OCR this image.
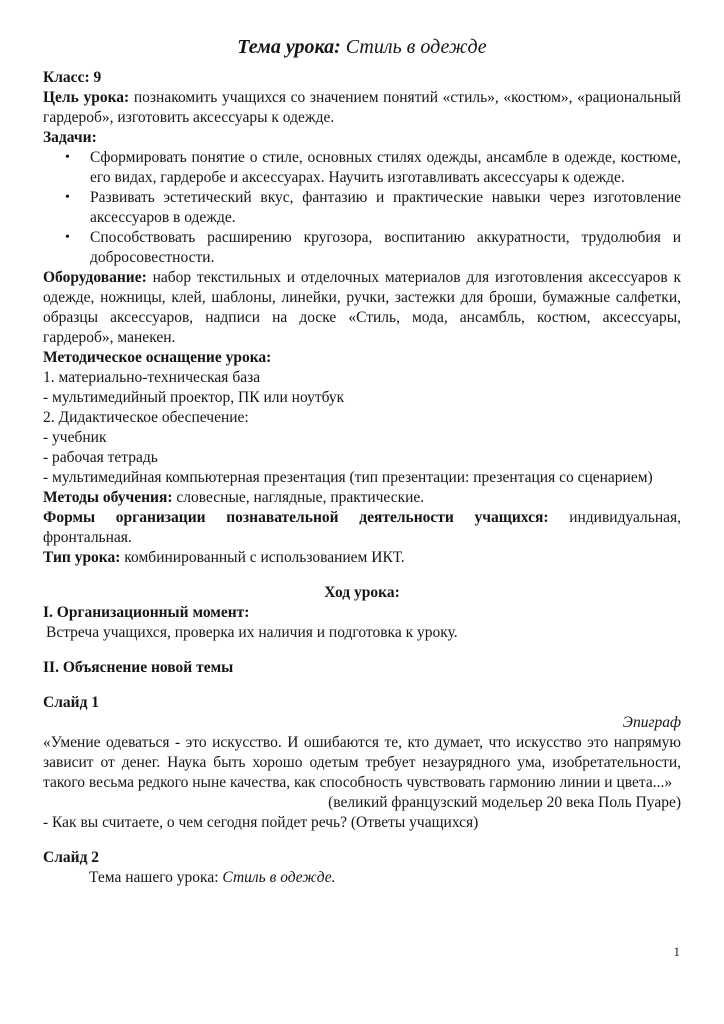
Тема урока: Стиль в одежде

Класс: 9

Цель урока: познакомить учащихся со значением понятий «стиль», «костюм», «рациональный гардероб», изготовить аксессуары к одежде.

Задачи:

• Сформировать понятие о стиле, основных стилях одежды, ансамбле в одежде, костюме, его видах, гардеробе и аксессуарах. Научить изготавливать аксессуары к одежде.
• Развивать эстетический вкус, фантазию и практические навыки через изготовление аксессуаров в одежде.
• Способствовать расширению кругозора, воспитанию аккуратности, трудолюбия и добросовестности.

Оборудование: набор текстильных и отделочных материалов для изготовления аксессуаров к одежде, ножницы, клей, шаблоны, линейки, ручки, застежки для броши, бумажные салфетки, образцы аксессуаров, надписи на доске «Стиль, мода, ансамбль, костюм, аксессуары, гардероб», манекен.

Методическое оснащение урока:

1. материально-техническая база

- мультимедийный проектор, ПК или ноутбук

2. Дидактическое обеспечение:

- учебник

- рабочая тетрадь

- мультимедийная компьютерная презентация (тип презентации: презентация со сценарием)

Методы обучения: словесные, наглядные, практические.

Формы организации познавательной деятельности учащихся: индивидуальная, фронтальная.

Тип урока: комбинированный с использованием ИКТ.

Ход урока:

I. Организационный момент:

Встреча учащихся, проверка их наличия и подготовка к уроку.

II. Объяснение новой темы

Слайд 1

Эпиграф

«Умение одеваться - это искусство. И ошибаются те, кто думает, что искусство это напрямую зависит от денег. Наука быть хорошо одетым требует незаурядного ума, изобретательности, такого весьма редкого ныне качества, как способность чувствовать гармонию линии и цвета...»

(великий французский модельер 20 века Поль Пуаре)

- Как вы считаете, о чем сегодня пойдет речь? (Ответы учащихся)

Слайд 2

Тема нашего урока: Стиль в одежде.

1
